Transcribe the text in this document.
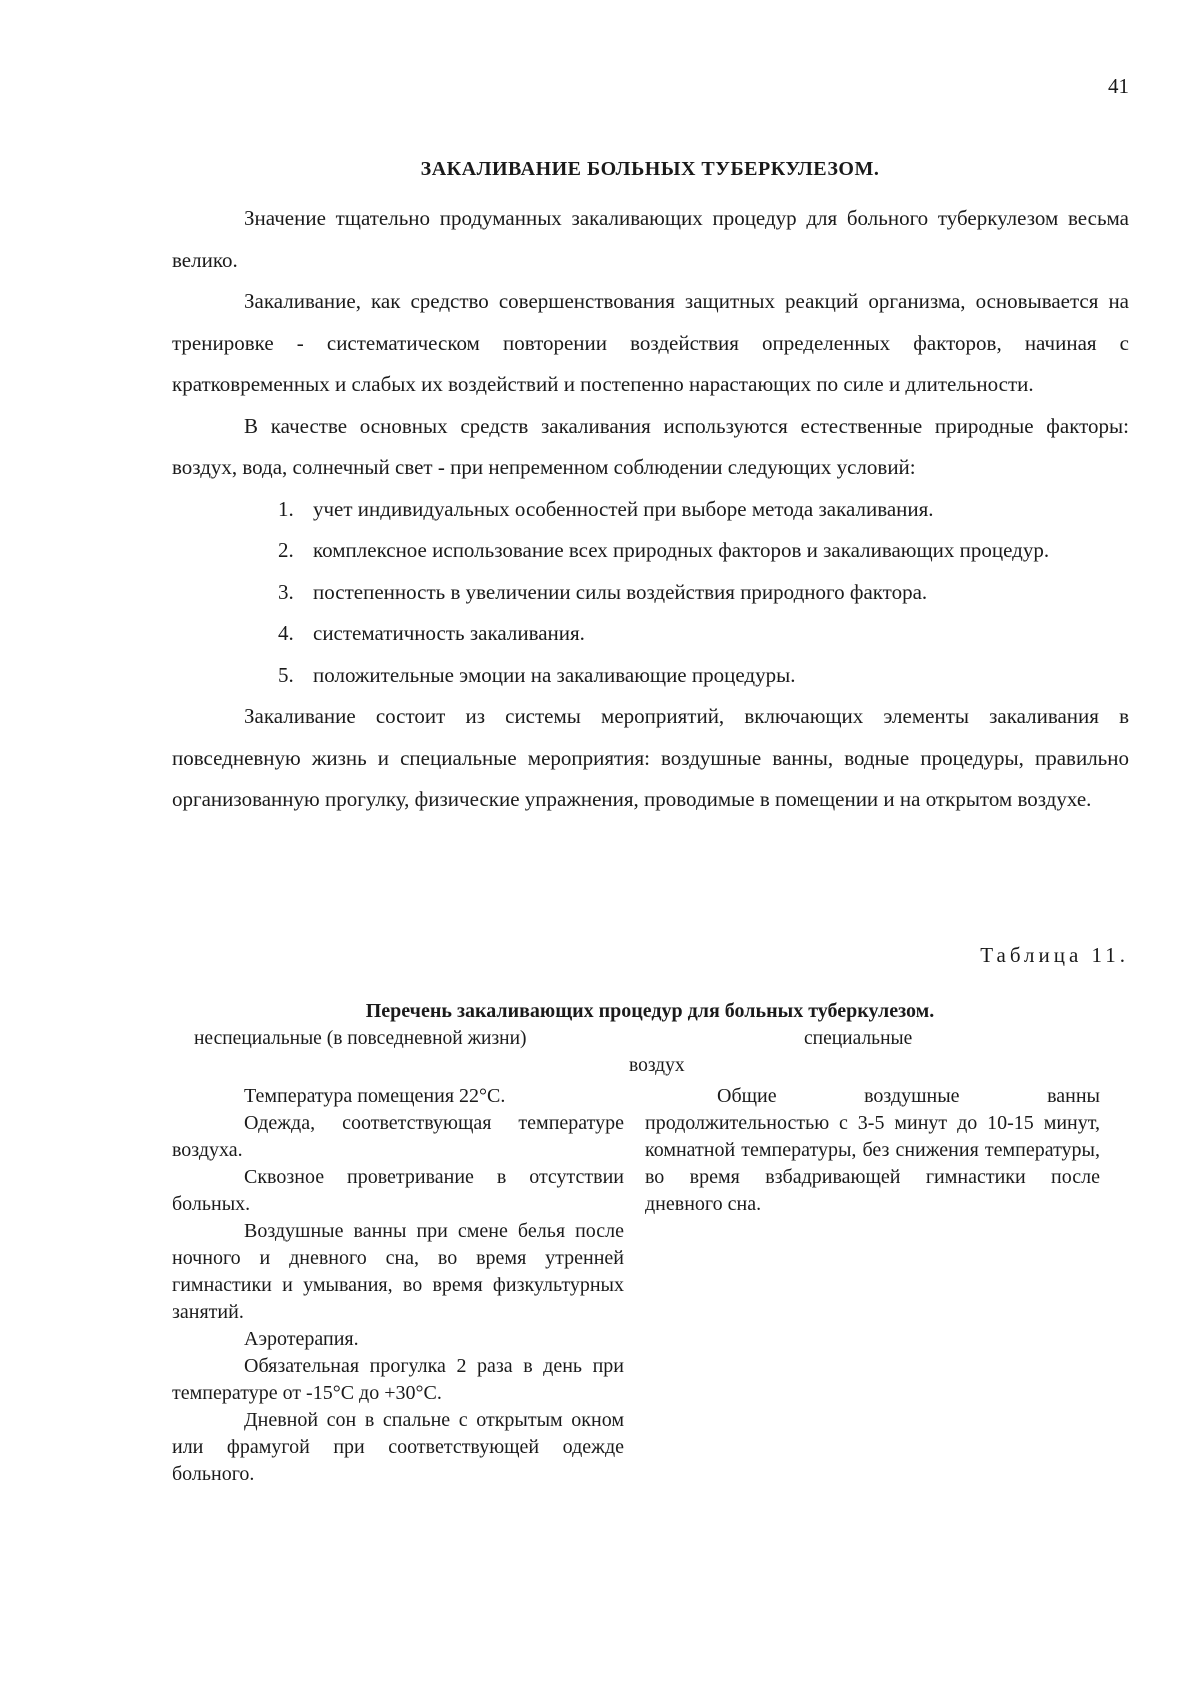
41
ЗАКАЛИВАНИЕ БОЛЬНЫХ ТУБЕРКУЛЕЗОМ.

Значение тщательно продуманных закаливающих процедур для больного туберкулезом весьма велико.

Закаливание, как средство совершенствования защитных реакций организма, основывается на тренировке - систематическом повторении воздействия определенных факторов, начиная с кратковременных и слабых их воздействий и постепенно нарастающих по силе и длительности.

В качестве основных средств закаливания используются естественные природные факторы: воздух, вода, солнечный свет - при непременном соблюдении следующих условий:

1. учет индивидуальных особенностей при выборе метода закаливания.
2. комплексное использование всех природных факторов и закаливающих процедур.
3. постепенность в увеличении силы воздействия природного фактора.
4. систематичность закаливания.
5. положительные эмоции на закаливающие процедуры.

Закаливание состоит из системы мероприятий, включающих элементы закаливания в повседневную жизнь и специальные мероприятия: воздушные ванны, водные процедуры, правильно организованную прогулку, физические упражнения, проводимые в помещении и на открытом воздухе.

Таблица 11.
Перечень закаливающих процедур для больных туберкулезом.
неспециальные (в повседневной жизни)	специальные
воздух

Температура помещения 22°С.

Одежда, соответствующая температуре воздуха.

Сквозное проветривание в отсутствии больных.

Воздушные ванны при смене белья после ночного и дневного сна, во время утренней гимнастики и умывания, во время физкультурных занятий.

Аэротерапия.

Обязательная прогулка 2 раза в день при температуре от -15°С до +30°С.

Дневной сон в спальне с открытым окном или фрамугой при соответствующей одежде больного.

Общие воздушные ванны продолжительностью с 3-5 минут до 10-15 минут, комнатной температуры, без снижения температуры, во время взбадривающей гимнастики после дневного сна.
